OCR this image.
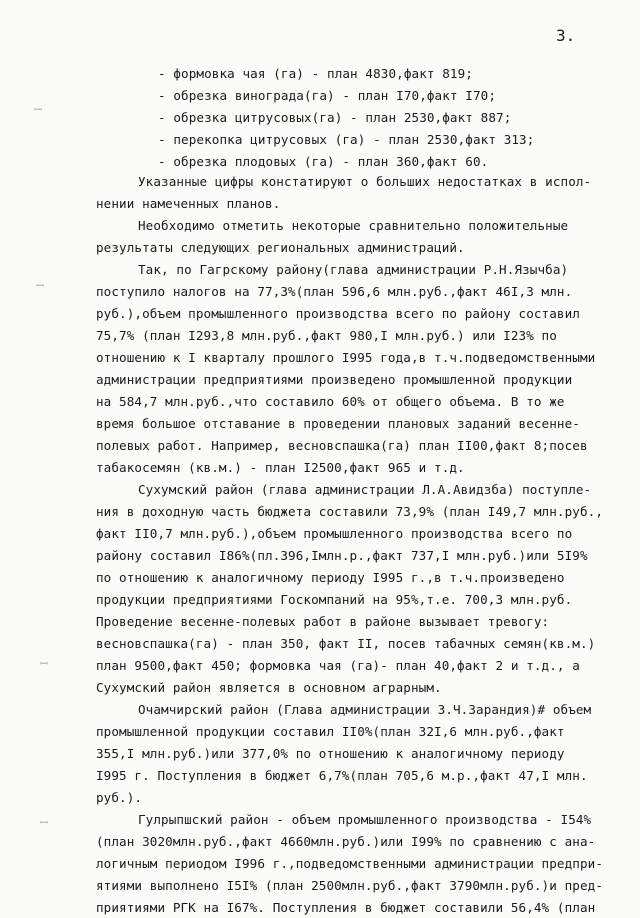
3.
ꟷ
ꟷ
ꟷ
ꟷ
- формовка чая (га) - план 4830,факт 819;
- обрезка винограда(га) - план I70,факт I70;
- обрезка цитрусовых(га) - план 2530,факт 887;
- перекопка цитрусовых (га) - план 2530,факт 313;
- обрезка плодовых (га) - план 360,факт 60.
Указанные цифры констатируют о больших недостатках в испол-
нении намеченных планов.
Необходимо отметить некоторые сравнительно положительные
результаты следующих региональных администраций.
Так, по Гагрскому району(глава администрации Р.Н.Язычба)
поступило налогов на 77,3%(план 596,6 млн.руб.,факт 46I,3 млн.
руб.),объем промышленного производства всего по району составил
75,7% (план I293,8 млн.руб.,факт 980,I млн.руб.) или I23% по
отношению к I кварталу прошлого I995 года,в т.ч.подведомственными
администрации предприятиями произведено промышленной продукции
на 584,7 млн.руб.,что составило 60% от общего объема. В то же
время большое отставание в проведении плановых заданий весенне-
полевых работ. Например, весновспашка(га) план II00,факт 8;посев
табакосемян (кв.м.) - план I2500,факт 965 и т.д.
Сухумский район (глава администрации Л.А.Авидзба) поступле-
ния в доходную часть бюджета составили 73,9% (план I49,7 млн.руб.,
факт II0,7 млн.руб.),объем промышленного производства всего по
району составил I86%(пл.396,Iмлн.р.,факт 737,I млн.руб.)или 5I9%
по отношению к аналогичному периоду I995 г.,в т.ч.произведено
продукции предприятиями Госкомпаний на 95%,т.е. 700,3 млн.руб.
Проведение весенне-полевых работ в районе вызывает тревогу:
весновспашка(га) - план 350, факт II, посев табачных семян(кв.м.)
план 9500,факт 450; формовка чая (га)- план 40,факт 2 и т.д., а
Сухумский район является в основном аграрным.
Очамчирский район (Глава администрации З.Ч.Зарандия)# объем
промышленной продукции составил II0%(план 32I,6 млн.руб.,факт
355,I млн.руб.)или 377,0% по отношению к аналогичному периоду
I995 г. Поступления в бюджет 6,7%(план 705,6 м.р.,факт 47,I млн.
руб.).
Гулрыпшский район - объем промышленного производства - I54%
(план 3020млн.руб.,факт 4660млн.руб.)или I99% по сравнению с ана-
логичным периодом I996 г.,подведомственными администрации предпри-
ятиями выполнено I5I% (план 2500млн.руб.,факт 3790млн.руб.)и пред-
приятиями РГК на I67%. Поступления в бюджет составили 56,4% (план
